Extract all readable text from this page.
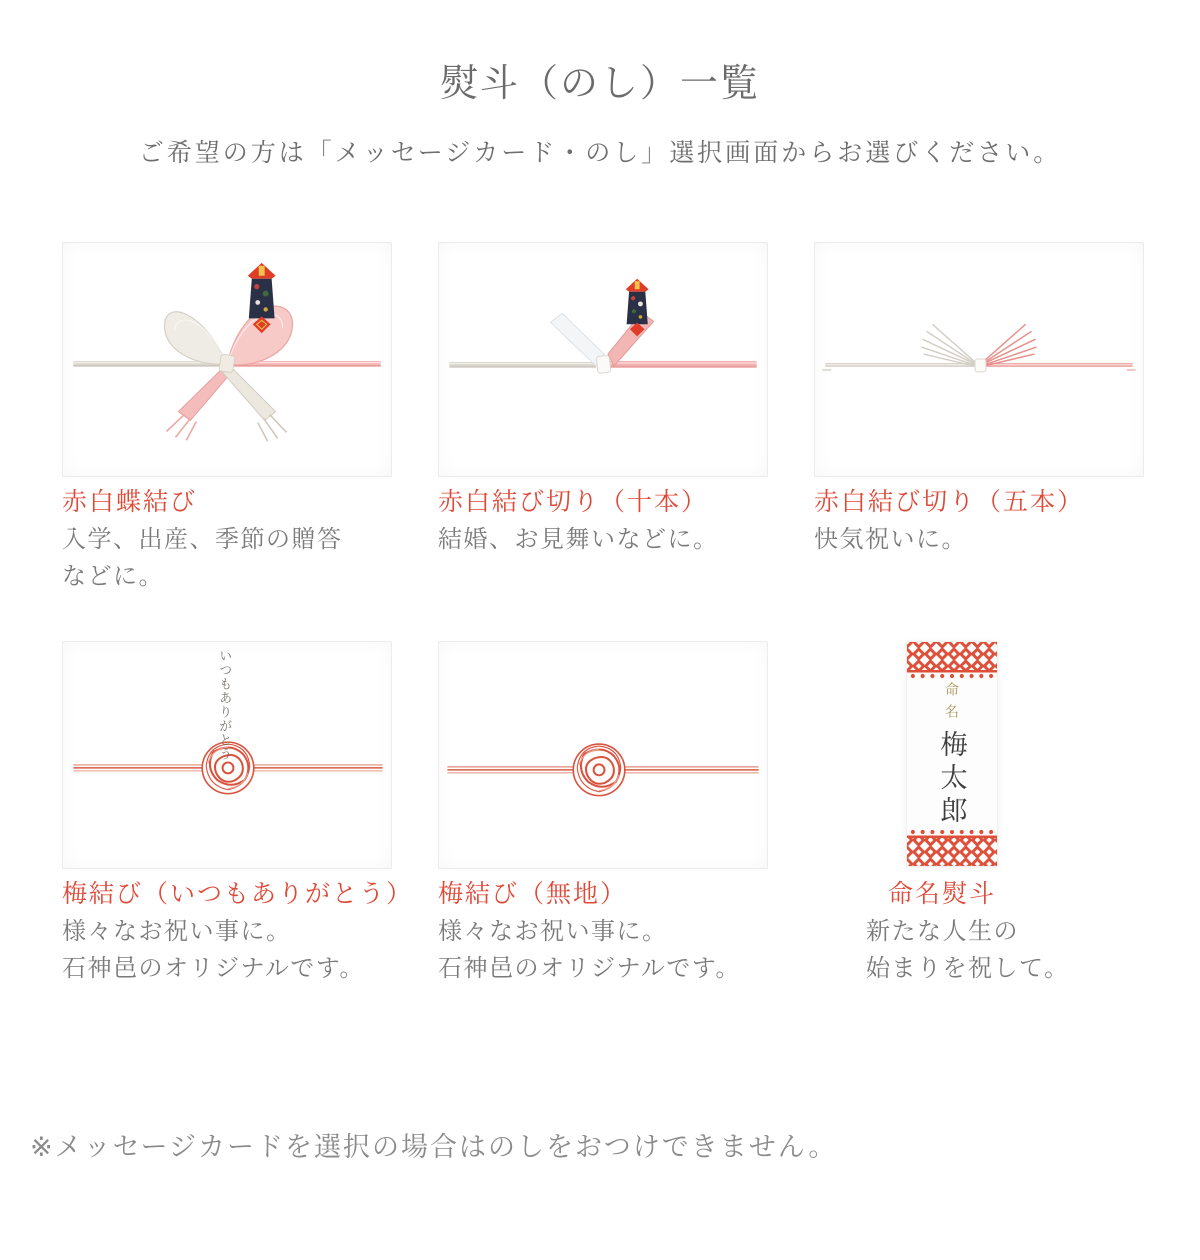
熨斗（のし）一覧
ご希望の方は「メッセージカード・のし」選択画面からお選びください。
赤白蝶結び
入学、出産、季節の贈答
などに。
赤白結び切り（十本）
結婚、お見舞いなどに。
赤白結び切り（五本）
快気祝いに。
いつもありがとう
梅結び（いつもありがとう）
様々なお祝い事に。
石神邑のオリジナルです。
梅結び（無地）
様々なお祝い事に。
石神邑のオリジナルです。
命名
梅太郎
命名熨斗
新たな人生の
始まりを祝して。
※メッセージカードを選択の場合はのしをおつけできません。
